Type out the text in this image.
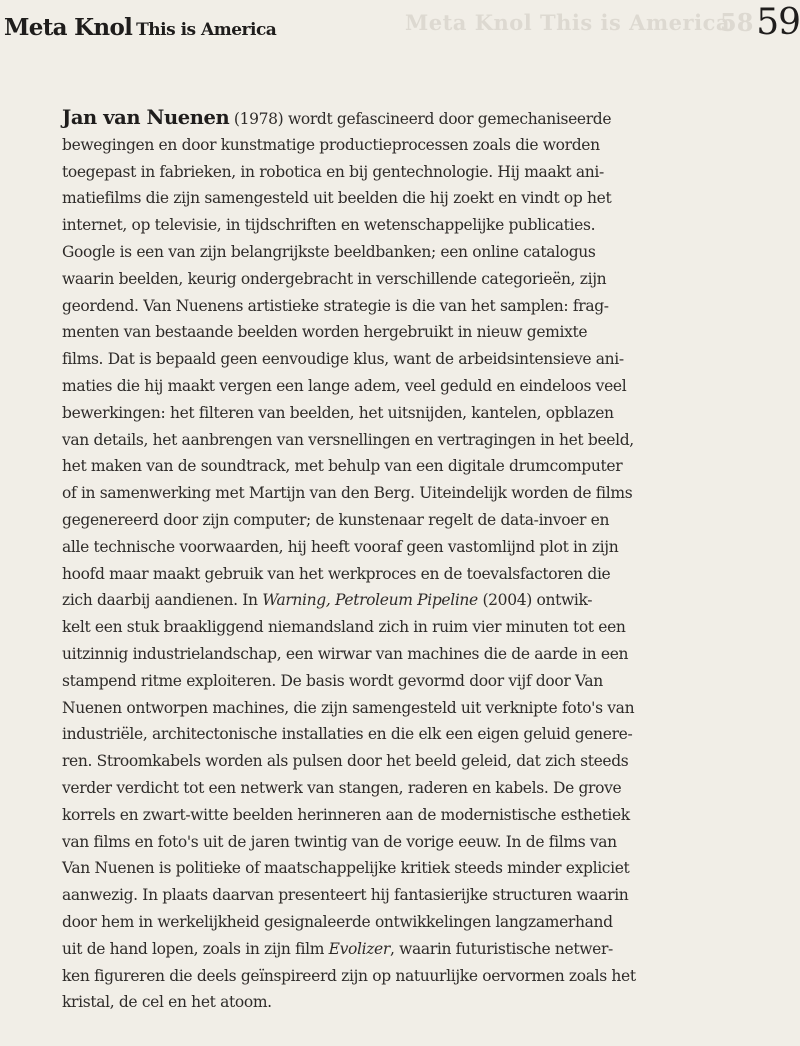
Meta Knol This is America
58
Meta Knol This is America	59
Jan van Nuenen (1978) wordt gefascineerd door gemechaniseerde
bewegingen en door kunstmatige productieprocessen zoals die worden
toegepast in fabrieken, in robotica en bij gentechnologie. Hij maakt ani-
matiefilms die zijn samengesteld uit beelden die hij zoekt en vindt op het
internet, op televisie, in tijdschriften en wetenschappelijke publicaties.
Google is een van zijn belangrijkste beeldbanken; een online catalogus
waarin beelden, keurig ondergebracht in verschillende categorieën, zijn
geordend. Van Nuenens artistieke strategie is die van het samplen: frag-
menten van bestaande beelden worden hergebruikt in nieuw gemixte
films. Dat is bepaald geen eenvoudige klus, want de arbeidsintensieve ani-
maties die hij maakt vergen een lange adem, veel geduld en eindeloos veel
bewerkingen: het filteren van beelden, het uitsnijden, kantelen, opblazen
van details, het aanbrengen van versnellingen en vertragingen in het beeld,
het maken van de soundtrack, met behulp van een digitale drumcomputer
of in samenwerking met Martijn van den Berg. Uiteindelijk worden de films
gegenereerd door zijn computer; de kunstenaar regelt de data-invoer en
alle technische voorwaarden, hij heeft vooraf geen vastomlijnd plot in zijn
hoofd maar maakt gebruik van het werkproces en de toevalsfactoren die
zich daarbij aandienen. In Warning, Petroleum Pipeline (2004) ontwik-
kelt een stuk braakliggend niemandsland zich in ruim vier minuten tot een
uitzinnig industrielandschap, een wirwar van machines die de aarde in een
stampend ritme exploiteren. De basis wordt gevormd door vijf door Van
Nuenen ontworpen machines, die zijn samengesteld uit verknipte foto's van
industriële, architectonische installaties en die elk een eigen geluid genere-
ren. Stroomkabels worden als pulsen door het beeld geleid, dat zich steeds
verder verdicht tot een netwerk van stangen, raderen en kabels. De grove
korrels en zwart-witte beelden herinneren aan de modernistische esthetiek
van films en foto's uit de jaren twintig van de vorige eeuw. In de films van
Van Nuenen is politieke of maatschappelijke kritiek steeds minder expliciet
aanwezig. In plaats daarvan presenteert hij fantasierijke structuren waarin
door hem in werkelijkheid gesignaleerde ontwikkelingen langzamerhand
uit de hand lopen, zoals in zijn film Evolizer, waarin futuristische netwer-
ken figureren die deels geïnspireerd zijn op natuurlijke oervormen zoals het
kristal, de cel en het atoom.
